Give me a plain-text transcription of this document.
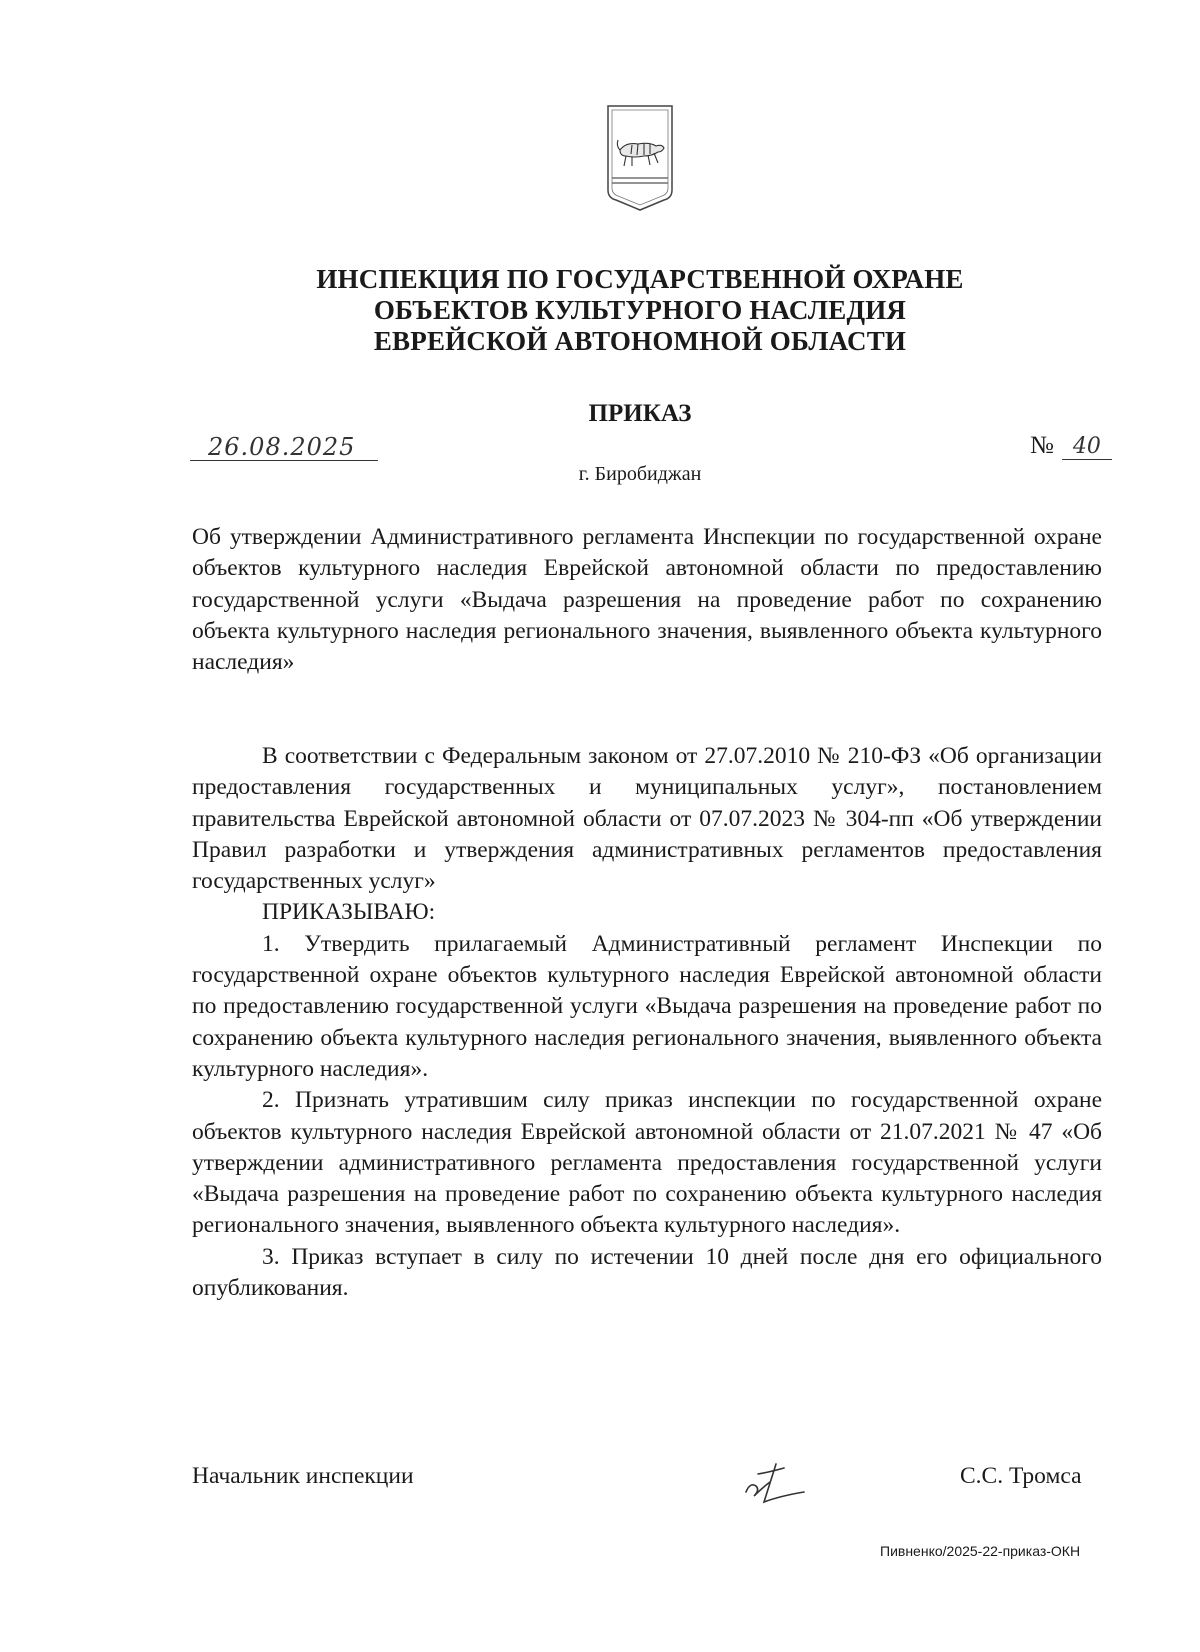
ИНСПЕКЦИЯ ПО ГОСУДАРСТВЕННОЙ ОХРАНЕ
ОБЪЕКТОВ КУЛЬТУРНОГО НАСЛЕДИЯ
ЕВРЕЙСКОЙ АВТОНОМНОЙ ОБЛАСТИ
ПРИКАЗ
26.08.2025	№ 40
г. Биробиджан
Об утверждении Административного регламента Инспекции по государственной охране объектов культурного наследия Еврейской автономной области по предоставлению государственной услуги «Выдача разрешения на проведение работ по сохранению объекта культурного наследия регионального значения, выявленного объекта культурного наследия»

В соответствии с Федеральным законом от 27.07.2010 № 210-ФЗ «Об организации предоставления государственных и муниципальных услуг», постановлением правительства Еврейской автономной области от 07.07.2023 № 304-пп «Об утверждении Правил разработки и утверждения административных регламентов предоставления государственных услуг»

ПРИКАЗЫВАЮ:

1. Утвердить прилагаемый Административный регламент Инспекции по государственной охране объектов культурного наследия Еврейской автономной области по предоставлению государственной услуги «Выдача разрешения на проведение работ по сохранению объекта культурного наследия регионального значения, выявленного объекта культурного наследия».

2. Признать утратившим силу приказ инспекции по государственной охране объектов культурного наследия Еврейской автономной области от 21.07.2021 № 47 «Об утверждении административного регламента предоставления государственной услуги «Выдача разрешения на проведение работ по сохранению объекта культурного наследия регионального значения, выявленного объекта культурного наследия».

3. Приказ вступает в силу по истечении 10 дней после дня его официального опубликования.

Начальник инспекции	С.С. Тромса
Пивненко/2025-22-приказ-ОКН
